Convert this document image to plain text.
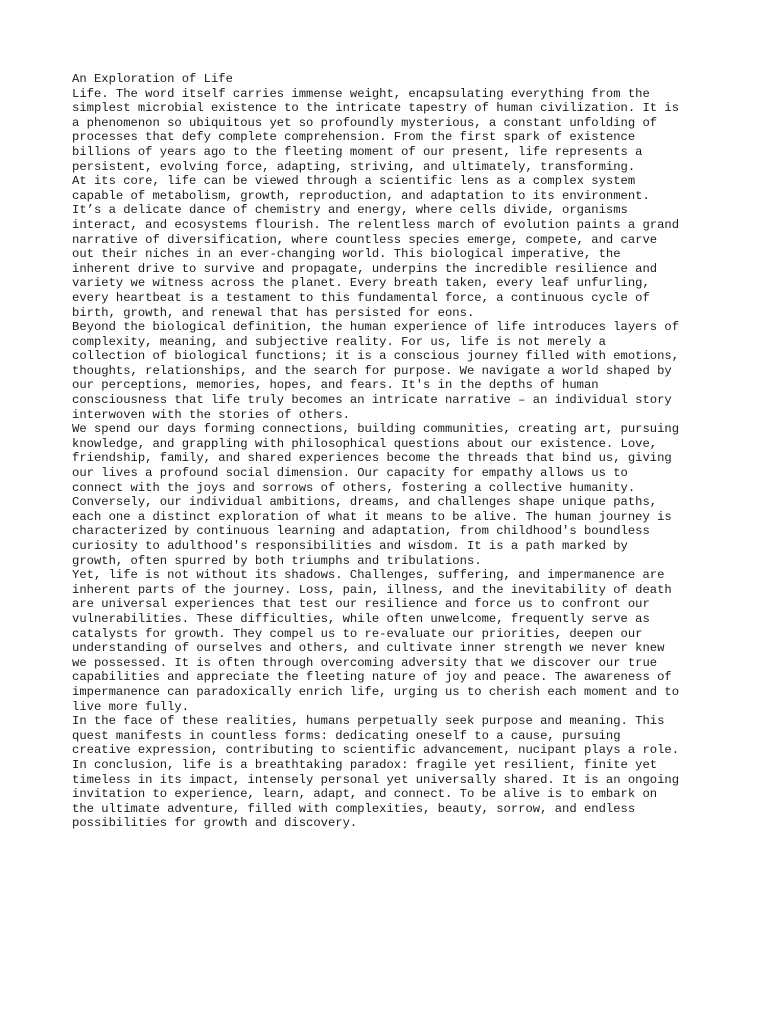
An Exploration of Life
Life. The word itself carries immense weight, encapsulating everything from the
simplest microbial existence to the intricate tapestry of human civilization. It is
a phenomenon so ubiquitous yet so profoundly mysterious, a constant unfolding of
processes that defy complete comprehension. From the first spark of existence
billions of years ago to the fleeting moment of our present, life represents a
persistent, evolving force, adapting, striving, and ultimately, transforming.
At its core, life can be viewed through a scientific lens as a complex system
capable of metabolism, growth, reproduction, and adaptation to its environment.
It’s a delicate dance of chemistry and energy, where cells divide, organisms
interact, and ecosystems flourish. The relentless march of evolution paints a grand
narrative of diversification, where countless species emerge, compete, and carve
out their niches in an ever-changing world. This biological imperative, the
inherent drive to survive and propagate, underpins the incredible resilience and
variety we witness across the planet. Every breath taken, every leaf unfurling,
every heartbeat is a testament to this fundamental force, a continuous cycle of
birth, growth, and renewal that has persisted for eons.
Beyond the biological definition, the human experience of life introduces layers of
complexity, meaning, and subjective reality. For us, life is not merely a
collection of biological functions; it is a conscious journey filled with emotions,
thoughts, relationships, and the search for purpose. We navigate a world shaped by
our perceptions, memories, hopes, and fears. It's in the depths of human
consciousness that life truly becomes an intricate narrative – an individual story
interwoven with the stories of others.
We spend our days forming connections, building communities, creating art, pursuing
knowledge, and grappling with philosophical questions about our existence. Love,
friendship, family, and shared experiences become the threads that bind us, giving
our lives a profound social dimension. Our capacity for empathy allows us to
connect with the joys and sorrows of others, fostering a collective humanity.
Conversely, our individual ambitions, dreams, and challenges shape unique paths,
each one a distinct exploration of what it means to be alive. The human journey is
characterized by continuous learning and adaptation, from childhood's boundless
curiosity to adulthood's responsibilities and wisdom. It is a path marked by
growth, often spurred by both triumphs and tribulations.
Yet, life is not without its shadows. Challenges, suffering, and impermanence are
inherent parts of the journey. Loss, pain, illness, and the inevitability of death
are universal experiences that test our resilience and force us to confront our
vulnerabilities. These difficulties, while often unwelcome, frequently serve as
catalysts for growth. They compel us to re-evaluate our priorities, deepen our
understanding of ourselves and others, and cultivate inner strength we never knew
we possessed. It is often through overcoming adversity that we discover our true
capabilities and appreciate the fleeting nature of joy and peace. The awareness of
impermanence can paradoxically enrich life, urging us to cherish each moment and to
live more fully.
In the face of these realities, humans perpetually seek purpose and meaning. This
quest manifests in countless forms: dedicating oneself to a cause, pursuing
creative expression, contributing to scientific advancement, nucipant plays a role.
In conclusion, life is a breathtaking paradox: fragile yet resilient, finite yet
timeless in its impact, intensely personal yet universally shared. It is an ongoing
invitation to experience, learn, adapt, and connect. To be alive is to embark on
the ultimate adventure, filled with complexities, beauty, sorrow, and endless
possibilities for growth and discovery.
